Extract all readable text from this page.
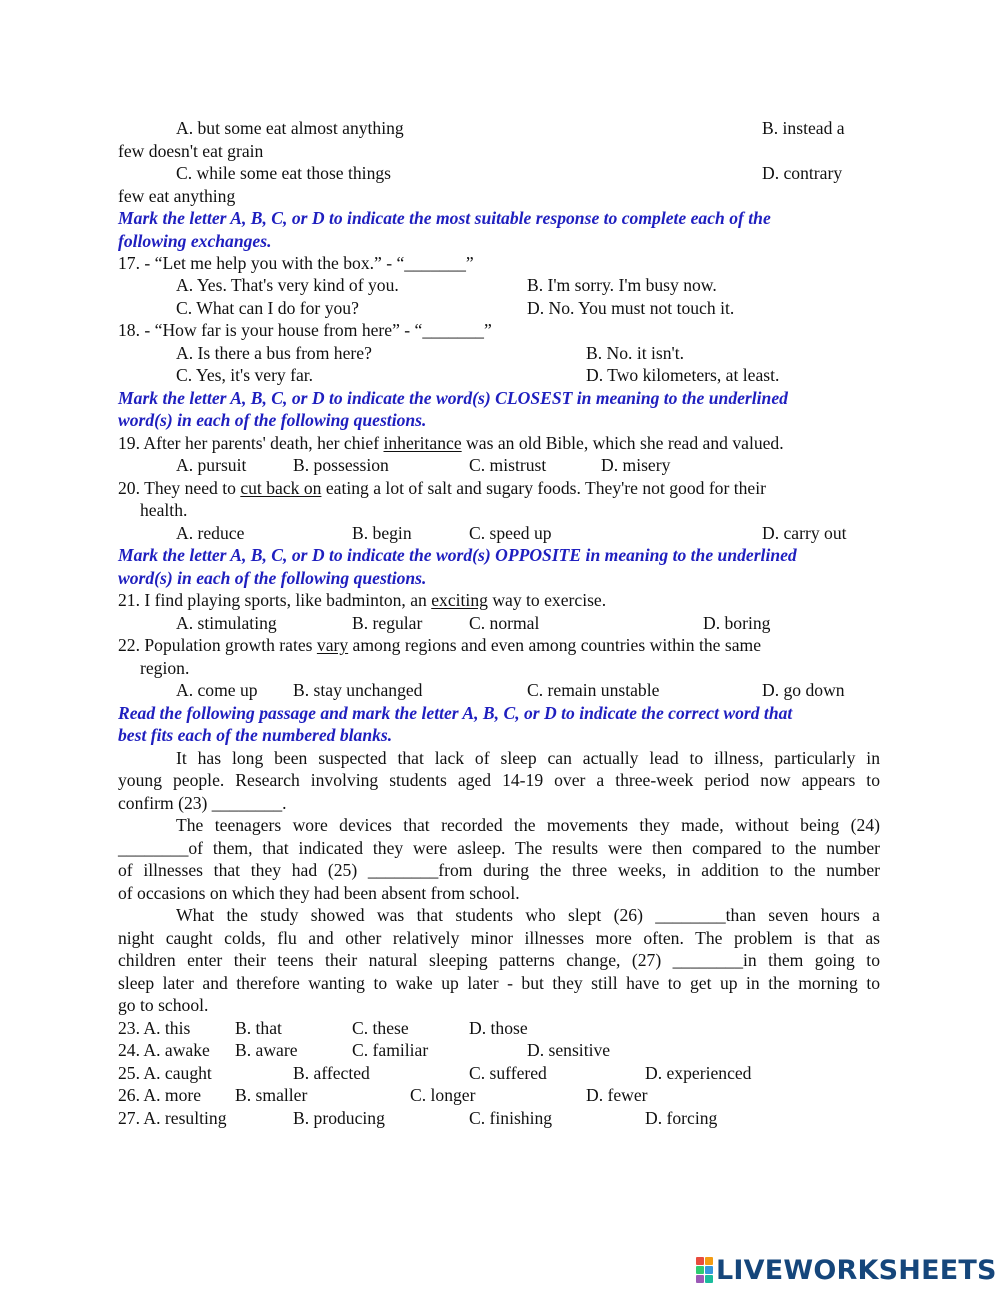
A. but some eat almost anything	B. instead a
few doesn't eat grain
C. while some eat those things	D. contrary
few eat anything
Mark the letter A, B, C, or D to indicate the most suitable response to complete each of the
following exchanges.
17. - “Let me help you with the box.” - “_______”
A. Yes. That's very kind of you.	B. I'm sorry. I'm busy now.
C. What can I do for you?	D. No. You must not touch it.
18. - “How far is your house from here” - “_______”
A. Is there a bus from here?	B. No. it isn't.
C. Yes, it's very far.	D. Two kilometers, at least.
Mark the letter A, B, C, or D to indicate the word(s) CLOSEST in meaning to the underlined
word(s) in each of the following questions.
19. After her parents' death, her chief inheritance was an old Bible, which she read and valued.
A. pursuit	B. possession	C. mistrust	D. misery
20. They need to cut back on eating a lot of salt and sugary foods. They're not good for their
health.
A. reduce	B. begin	C. speed up	D. carry out
Mark the letter A, B, C, or D to indicate the word(s) OPPOSITE in meaning to the underlined
word(s) in each of the following questions.
21. I find playing sports, like badminton, an exciting way to exercise.
A. stimulating	B. regular	C. normal	D. boring
22. Population growth rates vary among regions and even among countries within the same
region.
A. come up B. stay unchanged	C. remain unstable	D. go down
Read the following passage and mark the letter A, B, C, or D to indicate the correct word that
best fits each of the numbered blanks.
It has long been suspected that lack of sleep can actually lead to illness, particularly in
young people. Research involving students aged 14-19 over a three-week period now appears to
confirm (23) ________.
The teenagers wore devices that recorded the movements they made, without being (24)
________of them, that indicated they were asleep. The results were then compared to the number
of illnesses that they had (25) ________from during the three weeks, in addition to the number
of occasions on which they had been absent from school.
What the study showed was that students who slept (26) ________than seven hours a
night caught colds, flu and other relatively minor illnesses more often. The problem is that as
children enter their teens their natural sleeping patterns change, (27) ________in them going to
sleep later and therefore wanting to wake up later - but they still have to get up in the morning to
go to school.
23. A. this	B. that	C. these	D. those
24. A. awake B. aware	C. familiar	D. sensitive
25. A. caught	B. affected	C. suffered	D. experienced
26. A. more B. smaller	C. longer	D. fewer
27. A. resulting	B. producing	C. finishing	D. forcing
LIVEWORKSHEETS
